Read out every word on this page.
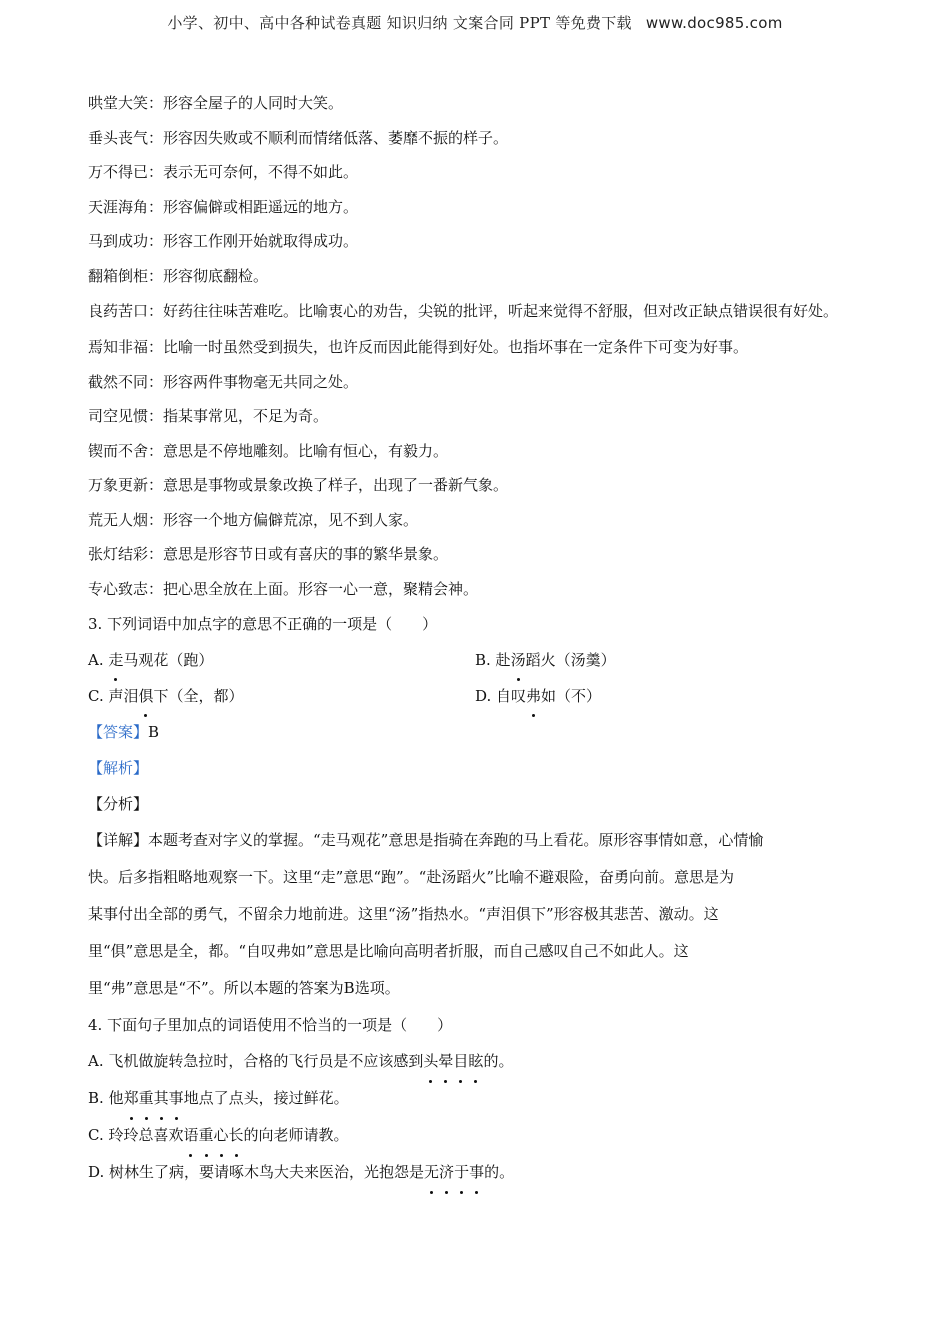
小学、初中、高中各种试卷真题 知识归纳 文案合同 PPT 等免费下载 www.doc985.com
哄堂大笑：形容全屋子的人同时大笑。
垂头丧气：形容因失败或不顺利而情绪低落、萎靡不振的样子。
万不得已：表示无可奈何，不得不如此。
天涯海角：形容偏僻或相距遥远的地方。
马到成功：形容工作刚开始就取得成功。
翻箱倒柜：形容彻底翻检。
良药苦口：好药往往味苦难吃。比喻衷心的劝告，尖锐的批评，听起来觉得不舒服，但对改正缺点错误很有好处。
焉知非福：比喻一时虽然受到损失，也许反而因此能得到好处。也指坏事在一定条件下可变为好事。
截然不同：形容两件事物毫无共同之处。
司空见惯：指某事常见，不足为奇。
锲而不舍：意思是不停地雕刻。比喻有恒心，有毅力。
万象更新：意思是事物或景象改换了样子，出现了一番新气象。
荒无人烟：形容一个地方偏僻荒凉，见不到人家。
张灯结彩：意思是形容节日或有喜庆的事的繁华景象。
专心致志：把心思全放在上面。形容一心一意，聚精会神。
3. 下列词语中加点字的意思不正确的一项是（　　）
A. 走马观花（跑）	B. 赴汤蹈火（汤羹）
C. 声泪俱下（全，都）	D. 自叹弗如（不）
【答案】B
【解析】
【分析】
【详解】本题考查对字义的掌握。“走马观花”意思是指骑在奔跑的马上看花。原形容事情如意，心情愉
快。后多指粗略地观察一下。这里“走”意思“跑”。“赴汤蹈火”比喻不避艰险，奋勇向前。意思是为
某事付出全部的勇气，不留余力地前进。这里“汤”指热水。“声泪俱下”形容极其悲苦、激动。这
里“俱”意思是全，都。“自叹弗如”意思是比喻向高明者折服，而自己感叹自己不如此人。这
里“弗”意思是“不”。所以本题的答案为B选项。
4. 下面句子里加点的词语使用不恰当的一项是（　　）
A. 飞机做旋转急拉时，合格的飞行员是不应该感到头晕目眩的。
B. 他郑重其事地点了点头，接过鲜花。
C. 玲玲总喜欢语重心长的向老师请教。
D. 树林生了病，要请啄木鸟大夫来医治，光抱怨是无济于事的。
